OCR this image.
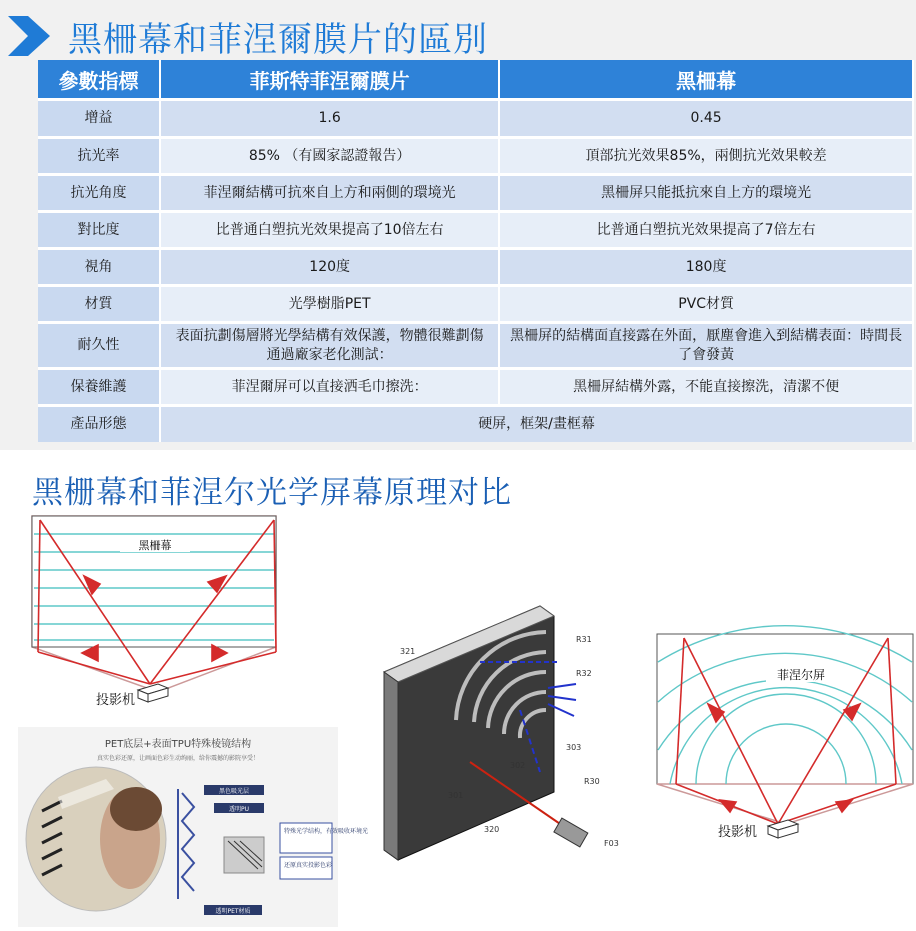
黑柵幕和菲涅爾膜片的區別
參數指標	菲斯特菲涅爾膜片	黑柵幕
增益	1.6	0.45
抗光率	85% （有國家認證報告）	頂部抗光效果85%，兩側抗光效果較差
抗光角度	菲涅爾結構可抗來自上方和兩側的環境光	黑柵屏只能抵抗來自上方的環境光
對比度	比普通白塑抗光效果提高了10倍左右	比普通白塑抗光效果提高了7倍左右
視角	120度	180度
材質	光學樹脂PET	PVC材質
耐久性	表面抗劃傷層將光學結構有效保護，物體很難劃傷通過廠家老化測試：	黑柵屏的結構面直接露在外面，厭塵會進入到結構表面：時間長了會發黃
保養維護	菲涅爾屏可以直接洒毛巾擦洗：	黑柵屏結構外露，不能直接擦洗，清潔不便
產品形態	硬屏，框架/畫框幕	
黑栅幕和菲涅尔光学屏幕原理对比
黑柵幕
投影机
PET底层+表面TPU特殊棱镜结构
真实色彩还原，让画面色彩生动绚丽，给你震撼的影院享受！
黑色吸光层
透明PU
特殊光学结构，有效吸收环境光
还原真实投影色彩
透明PET材质
321
R31
R32
303
302
301
R30
320
F03
菲涅尔屏
投影机
